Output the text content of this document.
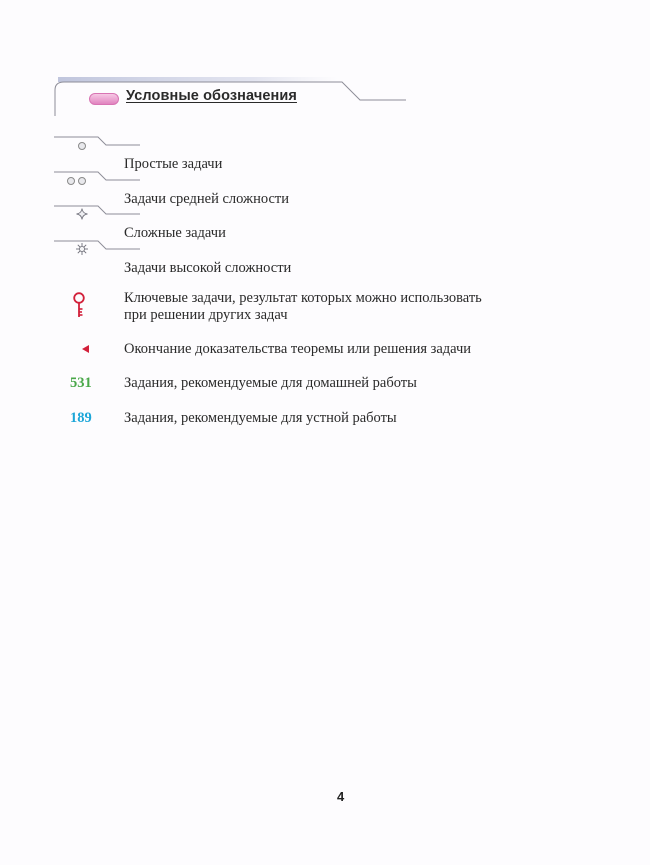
Условные обозначения
Простые задачи
Задачи средней сложности
Сложные задачи
Задачи высокой сложности
Ключевые задачи, результат которых можно использовать
при решении других задач
Окончание доказательства теоремы или решения задачи
531 Задания, рекомендуемые для домашней работы
189 Задания, рекомендуемые для устной работы
4
